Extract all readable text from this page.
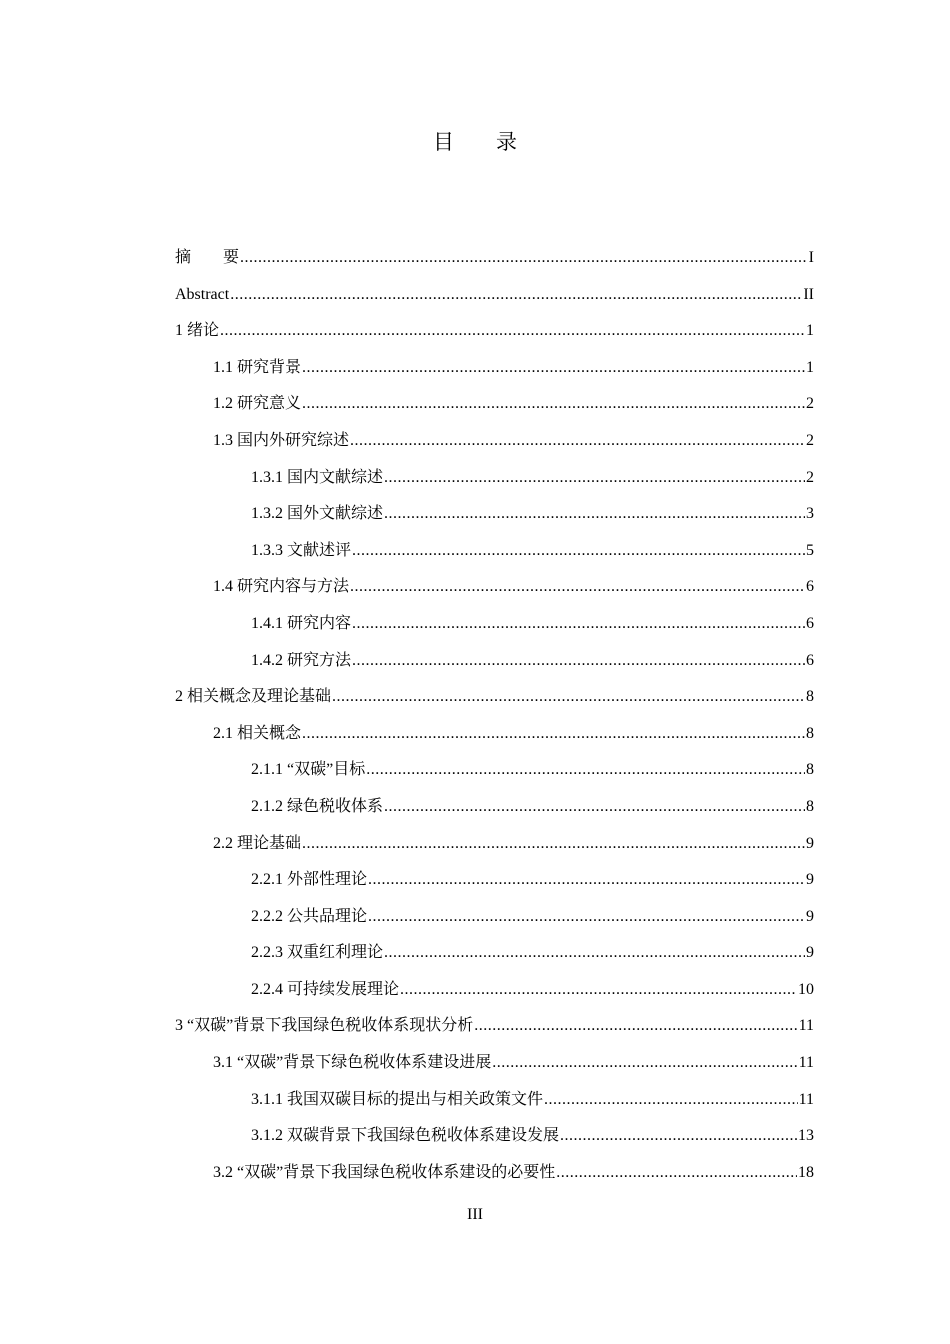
目 录
摘　　要 .....	I
Abstract .....	II
1 绪论 .....	1
1.1 研究背景 .....	1
1.2 研究意义 .....	2
1.3 国内外研究综述 .....	2
1.3.1 国内文献综述 .....	2
1.3.2 国外文献综述 .....	3
1.3.3 文献述评 .....	5
1.4 研究内容与方法 .....	6
1.4.1 研究内容 .....	6
1.4.2 研究方法 .....	6
2 相关概念及理论基础 .....	8
2.1 相关概念 .....	8
2.1.1 “双碳”目标 .....	8
2.1.2 绿色税收体系 .....	8
2.2 理论基础 .....	9
2.2.1 外部性理论 .....	9
2.2.2 公共品理论 .....	9
2.2.3 双重红利理论 .....	9
2.2.4 可持续发展理论 .....	10
3 “双碳”背景下我国绿色税收体系现状分析 .....	11
3.1 “双碳”背景下绿色税收体系建设进展 .....	11
3.1.1 我国双碳目标的提出与相关政策文件 .....	11
3.1.2 双碳背景下我国绿色税收体系建设发展 .....	13
3.2 “双碳”背景下我国绿色税收体系建设的必要性 .....	18
III
